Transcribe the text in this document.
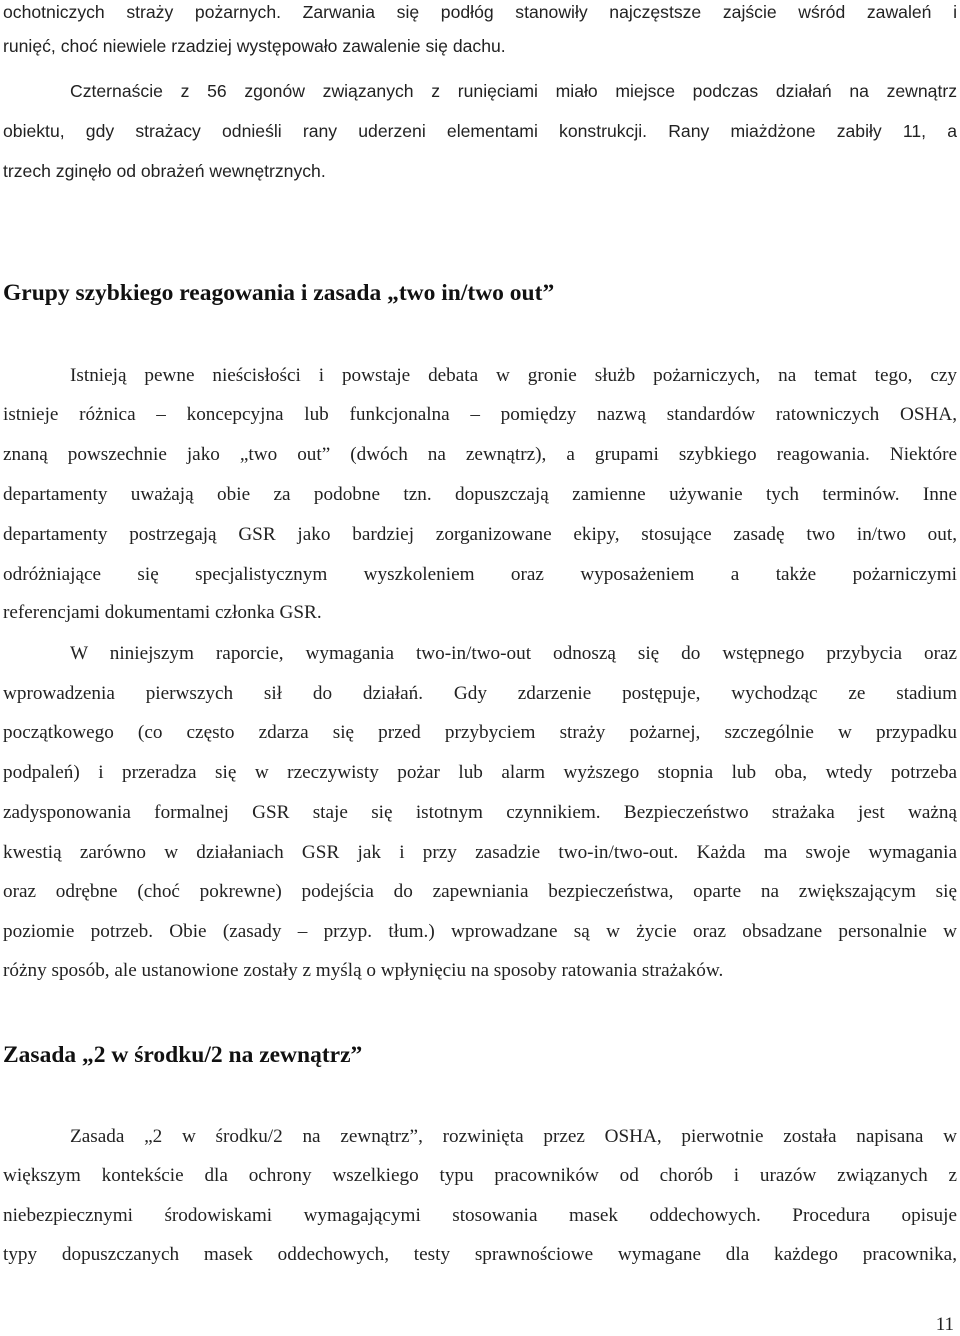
ochotniczych straży pożarnych. Zarwania się podłóg stanowiły najczęstsze zajście wśród zawaleń i
runięć, choć niewiele rzadziej występowało zawalenie się dachu.
Czternaście z 56 zgonów związanych z runięciami miało miejsce podczas działań na zewnątrz
obiektu, gdy strażacy odnieśli rany uderzeni elementami konstrukcji. Rany miażdżone zabiły 11, a
trzech zginęło od obrażeń wewnętrznych.
Grupy szybkiego reagowania i zasada „two in/two out”
Istnieją pewne nieścisłości i powstaje debata w gronie służb pożarniczych, na temat tego, czy
istnieje różnica – koncepcyjna lub funkcjonalna – pomiędzy nazwą standardów ratowniczych OSHA,
znaną powszechnie jako „two out” (dwóch na zewnątrz), a grupami szybkiego reagowania. Niektóre
departamenty uważają obie za podobne tzn. dopuszczają zamienne używanie tych terminów. Inne
departamenty postrzegają GSR jako bardziej zorganizowane ekipy, stosujące zasadę two in/two out,
odróżniające się specjalistycznym wyszkoleniem oraz wyposażeniem a także pożarniczymi
referencjami dokumentami członka GSR.
W niniejszym raporcie, wymagania two-in/two-out odnoszą się do wstępnego przybycia oraz
wprowadzenia pierwszych sił do działań. Gdy zdarzenie postępuje, wychodząc ze stadium
początkowego (co często zdarza się przed przybyciem straży pożarnej, szczególnie w przypadku
podpaleń) i przeradza się w rzeczywisty pożar lub alarm wyższego stopnia lub oba, wtedy potrzeba
zadysponowania formalnej GSR staje się istotnym czynnikiem. Bezpieczeństwo strażaka jest ważną
kwestią zarówno w działaniach GSR jak i przy zasadzie two-in/two-out. Każda ma swoje wymagania
oraz odrębne (choć pokrewne) podejścia do zapewniania bezpieczeństwa, oparte na zwiększającym się
poziomie potrzeb. Obie (zasady – przyp. tłum.) wprowadzane są w życie oraz obsadzane personalnie w
różny sposób, ale ustanowione zostały z myślą o wpłynięciu na sposoby ratowania strażaków.
Zasada „2 w środku/2 na zewnątrz”
Zasada „2 w środku/2 na zewnątrz”, rozwinięta przez OSHA, pierwotnie została napisana w
większym kontekście dla ochrony wszelkiego typu pracowników od chorób i urazów związanych z
niebezpiecznymi środowiskami wymagającymi stosowania masek oddechowych. Procedura opisuje
typy dopuszczanych masek oddechowych, testy sprawnościowe wymagane dla każdego pracownika,
11
